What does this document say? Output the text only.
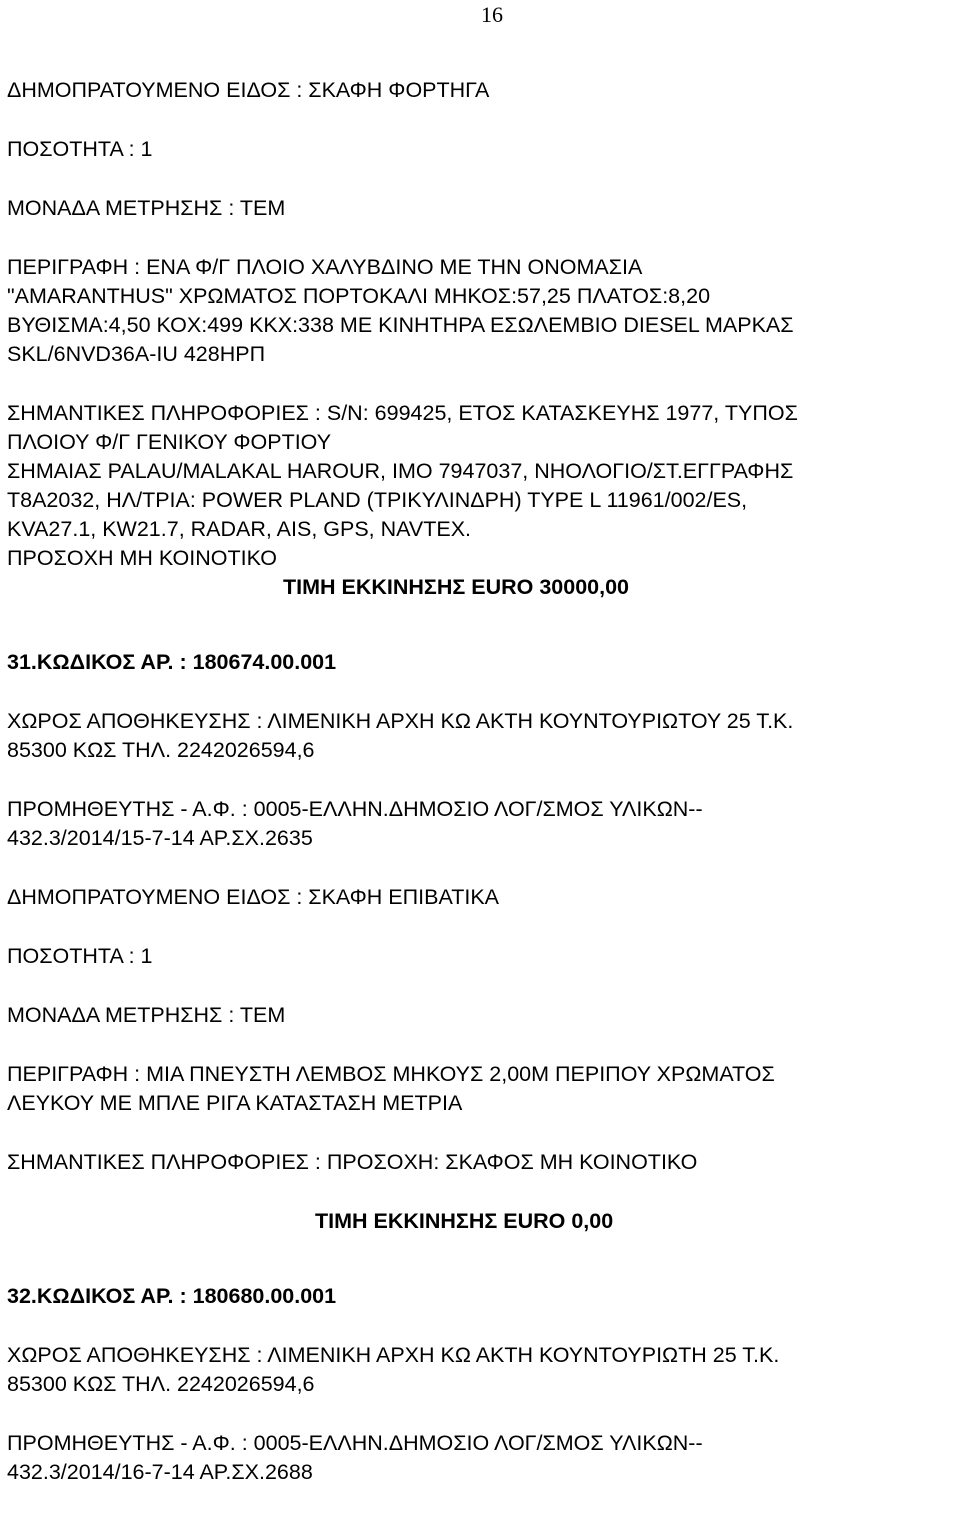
16
ΔΗΜΟΠΡΑΤΟΥΜΕΝΟ ΕΙΔΟΣ : ΣΚΑΦΗ ΦΟΡΤΗΓΑ
ΠΟΣΟΤΗΤΑ : 1
ΜΟΝΑΔΑ ΜΕΤΡΗΣΗΣ : ΤΕΜ
ΠΕΡΙΓΡΑΦΗ : ΕΝΑ Φ/Γ ΠΛΟΙΟ ΧΑΛΥΒΔΙΝΟ ΜΕ ΤΗΝ ΟΝΟΜΑΣΙΑ
"AMARANTHUS" ΧΡΩΜΑΤΟΣ ΠΟΡΤΟΚΑΛΙ ΜΗΚΟΣ:57,25 ΠΛΑΤΟΣ:8,20
ΒΥΘΙΣΜΑ:4,50 ΚΟΧ:499 ΚΚΧ:338 ΜΕ ΚΙΝΗΤΗΡΑ ΕΣΩΛΕΜΒΙΟ DIESEL ΜΑΡΚΑΣ
SKL/6NVD36A-IU 428HPΠ
ΣΗΜΑΝΤΙΚΕΣ ΠΛΗΡΟΦΟΡΙΕΣ : S/N: 699425, ΕΤΟΣ ΚΑΤΑΣΚΕΥΗΣ 1977, ΤΥΠΟΣ
ΠΛΟΙΟΥ Φ/Γ ΓΕΝΙΚΟΥ ΦΟΡΤΙΟΥ
ΣΗΜΑΙΑΣ PALAU/MALAKAL HAROUR, IMO 7947037, ΝΗΟΛΟΓΙΟ/ΣΤ.ΕΓΓΡΑΦΗΣ
T8A2032, ΗΛ/ΤΡΙΑ: POWER PLAND (ΤΡΙΚΥΛΙΝΔΡΗ) TYPE L 11961/002/ES,
KVA27.1, KW21.7, RADAR, AIS, GPS, NAVTEX.
ΠΡΟΣΟΧΗ ΜΗ ΚΟΙΝΟΤΙΚΟ
ΤΙΜΗ ΕΚΚΙΝΗΣΗΣ EURO 30000,00
31.ΚΩΔΙΚΟΣ ΑΡ. : 180674.00.001
ΧΩΡΟΣ ΑΠΟΘΗΚΕΥΣΗΣ : ΛΙΜΕΝΙΚΗ ΑΡΧΗ ΚΩ ΑΚΤΗ ΚΟΥΝΤΟΥΡΙΩΤΟΥ 25 Τ.Κ.
85300 ΚΩΣ ΤΗΛ. 2242026594,6
ΠΡΟΜΗΘΕΥΤΗΣ - Α.Φ. : 0005-ΕΛΛΗΝ.ΔΗΜΟΣΙΟ ΛΟΓ/ΣΜΟΣ ΥΛΙΚΩΝ--
432.3/2014/15-7-14 ΑΡ.ΣΧ.2635
ΔΗΜΟΠΡΑΤΟΥΜΕΝΟ ΕΙΔΟΣ : ΣΚΑΦΗ ΕΠΙΒΑΤΙΚΑ
ΠΟΣΟΤΗΤΑ : 1
ΜΟΝΑΔΑ ΜΕΤΡΗΣΗΣ : ΤΕΜ
ΠΕΡΙΓΡΑΦΗ : ΜΙΑ ΠΝΕΥΣΤΗ ΛΕΜΒΟΣ ΜΗΚΟΥΣ 2,00Μ ΠΕΡΙΠΟΥ ΧΡΩΜΑΤΟΣ
ΛΕΥΚΟΥ ΜΕ ΜΠΛΕ ΡΙΓΑ ΚΑΤΑΣΤΑΣΗ ΜΕΤΡΙΑ
ΣΗΜΑΝΤΙΚΕΣ ΠΛΗΡΟΦΟΡΙΕΣ : ΠΡΟΣΟΧΗ: ΣΚΑΦΟΣ ΜΗ ΚΟΙΝΟΤΙΚΟ
ΤΙΜΗ ΕΚΚΙΝΗΣΗΣ EURO 0,00
32.ΚΩΔΙΚΟΣ ΑΡ. : 180680.00.001
ΧΩΡΟΣ ΑΠΟΘΗΚΕΥΣΗΣ : ΛΙΜΕΝΙΚΗ ΑΡΧΗ ΚΩ ΑΚΤΗ ΚΟΥΝΤΟΥΡΙΩΤΗ 25 Τ.Κ.
85300 ΚΩΣ ΤΗΛ. 2242026594,6
ΠΡΟΜΗΘΕΥΤΗΣ - Α.Φ. : 0005-ΕΛΛΗΝ.ΔΗΜΟΣΙΟ ΛΟΓ/ΣΜΟΣ ΥΛΙΚΩΝ--
432.3/2014/16-7-14 ΑΡ.ΣΧ.2688
